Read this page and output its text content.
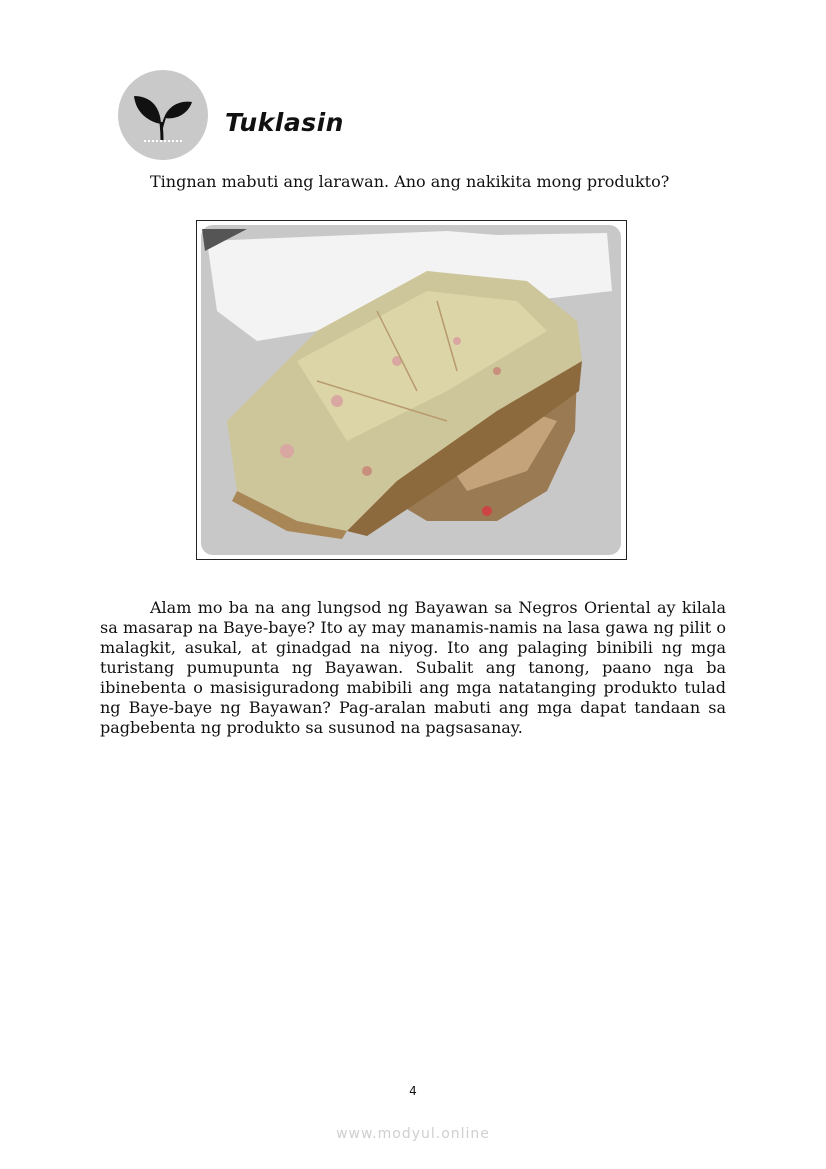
Tuklasin
Tingnan mabuti ang larawan. Ano ang nakikita mong produkto?

Alam mo ba na ang lungsod ng Bayawan sa Negros Oriental ay kilala sa masarap na Baye-baye? Ito ay may manamis-namis na lasa gawa ng pilit o malagkit, asukal, at ginadgad na niyog. Ito ang palaging binibili ng mga turistang pumupunta ng Bayawan. Subalit ang tanong, paano nga ba ibinebenta o masisiguradong mabibili ang mga natatanging produkto tulad ng Baye-baye ng Bayawan? Pag-aralan mabuti ang mga dapat tandaan sa pagbebenta ng produkto sa susunod na pagsasanay.

4
www.modyul.online
